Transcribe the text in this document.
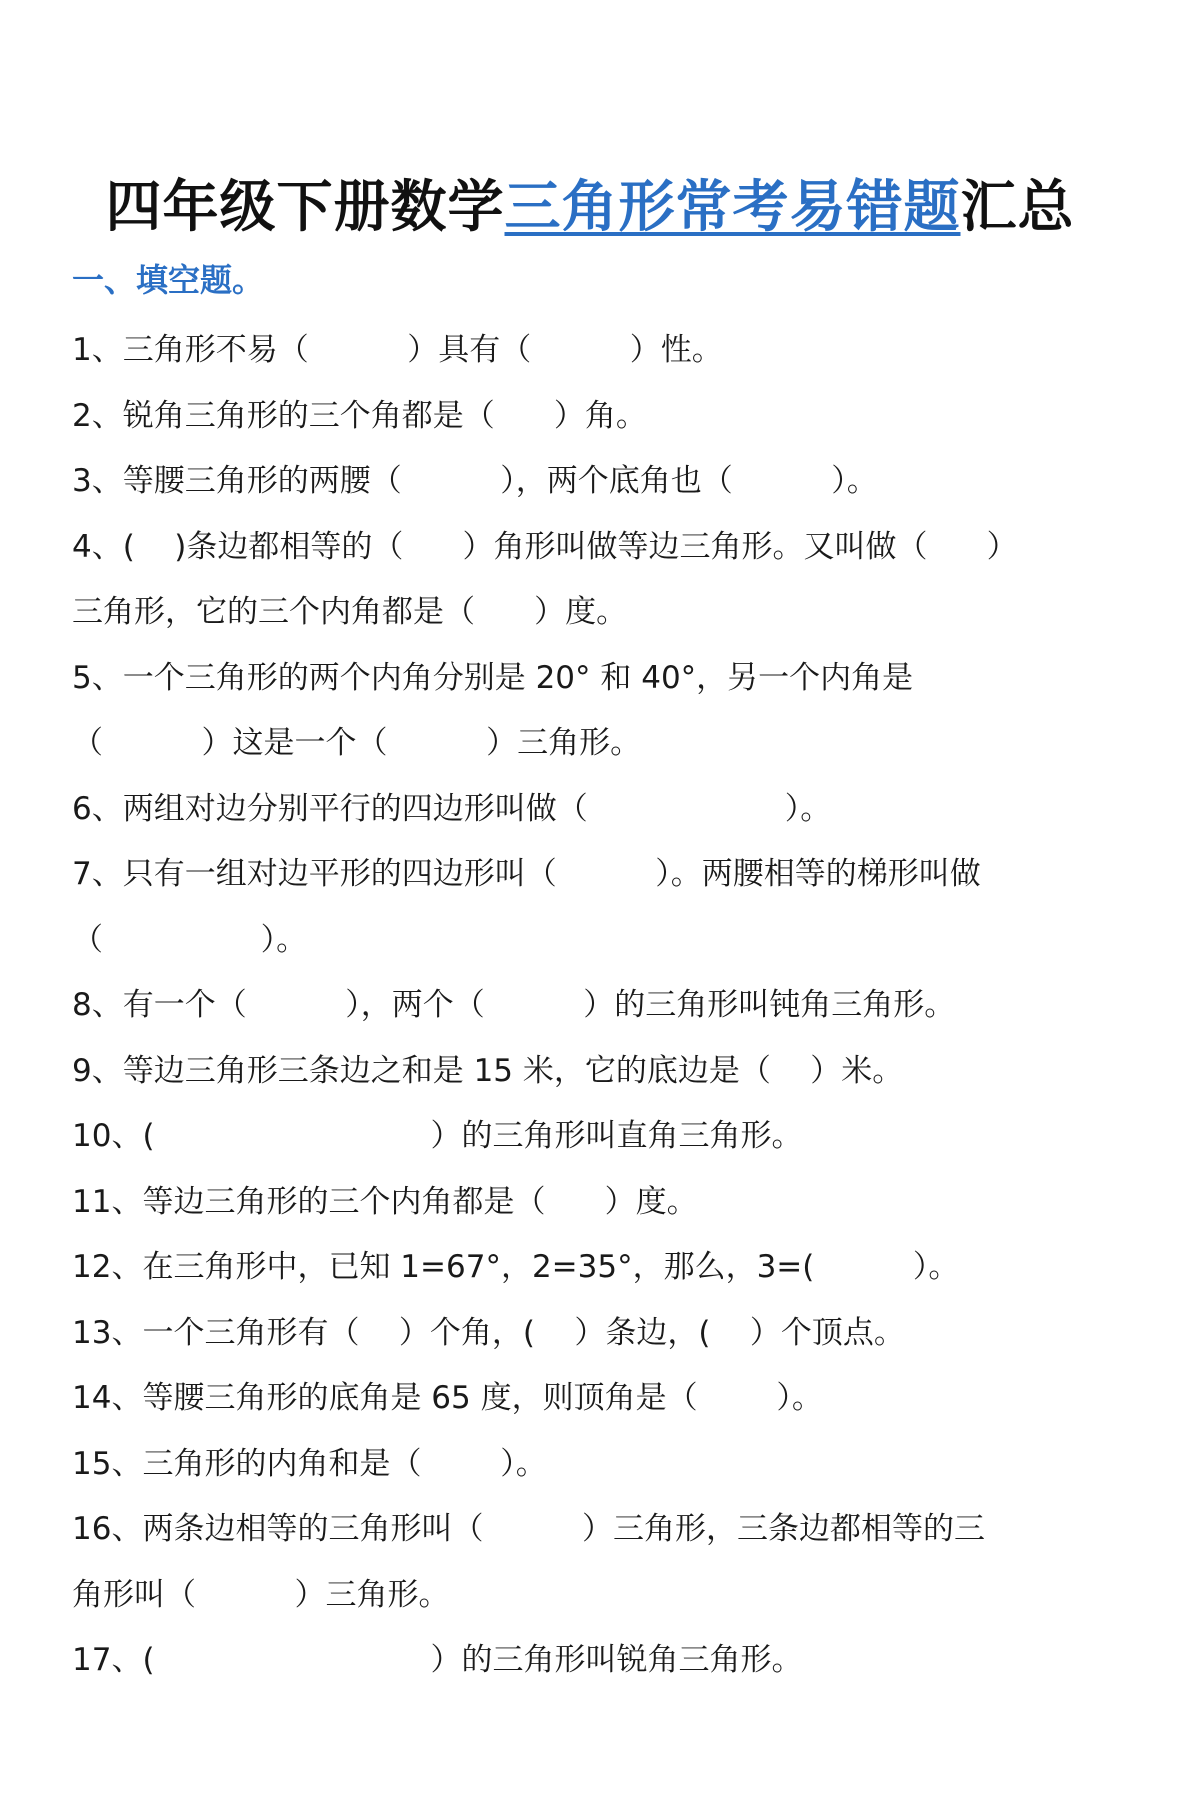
四年级下册数学三角形常考易错题汇总
一、填空题。
1、三角形不易（          ）具有（          ）性。
2、锐角三角形的三个角都是（      ）角。
3、等腰三角形的两腰（          ），两个底角也（          ）。
4、(    )条边都相等的（      ）角形叫做等边三角形。又叫做（      ）
三角形，它的三个内角都是（      ）度。
5、一个三角形的两个内角分别是 20° 和 40°，另一个内角是
（          ）这是一个（          ）三角形。
6、两组对边分别平行的四边形叫做（                    ）。
7、只有一组对边平形的四边形叫（          ）。两腰相等的梯形叫做
（                ）。
8、有一个（          ），两个（          ）的三角形叫钝角三角形。
9、等边三角形三条边之和是 15 米，它的底边是（    ）米。
10、(                            ）的三角形叫直角三角形。
11、等边三角形的三个内角都是（      ）度。
12、在三角形中，已知 1=67°，2=35°，那么，3=(          ）。
13、一个三角形有（    ）个角，(    ）条边，(    ）个顶点。
14、等腰三角形的底角是 65 度，则顶角是（        ）。
15、三角形的内角和是（        ）。
16、两条边相等的三角形叫（          ）三角形，三条边都相等的三
角形叫（          ）三角形。
17、(                            ）的三角形叫锐角三角形。
